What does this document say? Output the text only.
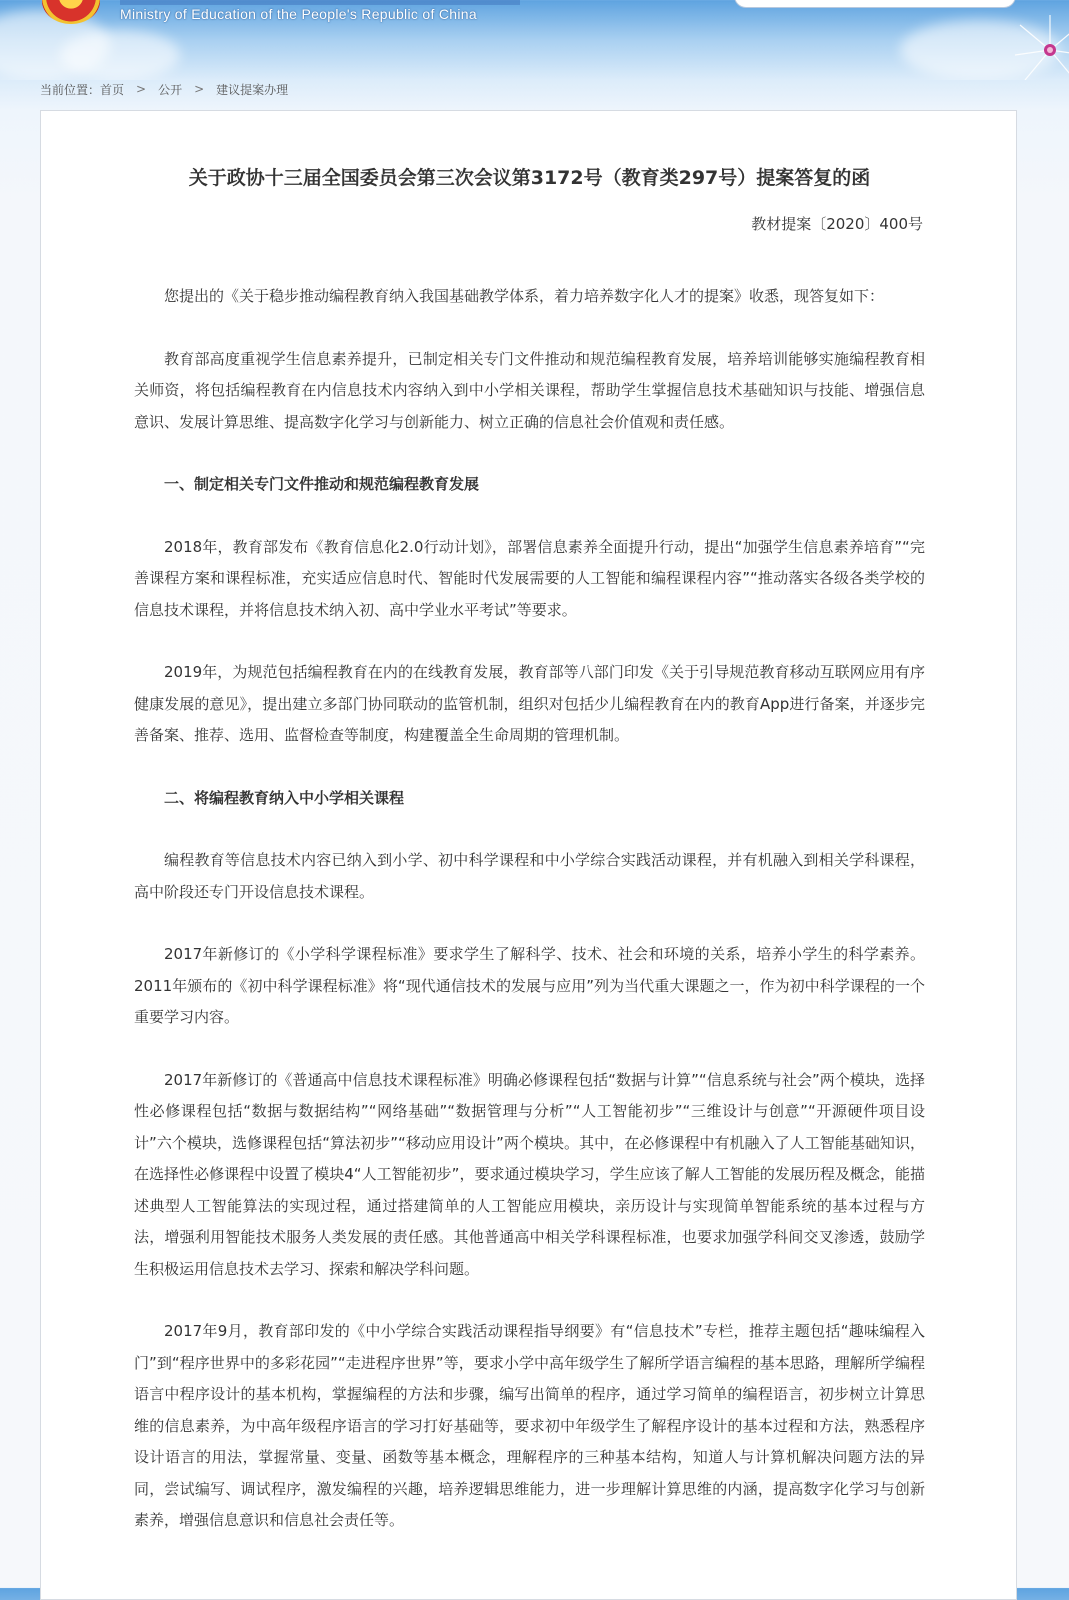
Ministry of Education of the People's Republic of China
当前位置： 首页 > 公开 > 建议提案办理
关于政协十三届全国委员会第三次会议第3172号（教育类297号）提案答复的函
教材提案〔2020〕400号

您提出的《关于稳步推动编程教育纳入我国基础教学体系，着力培养数字化人才的提案》收悉，现答复如下：

教育部高度重视学生信息素养提升，已制定相关专门文件推动和规范编程教育发展，培养培训能够实施编程教育相关师资，将包括编程教育在内信息技术内容纳入到中小学相关课程，帮助学生掌握信息技术基础知识与技能、增强信息意识、发展计算思维、提高数字化学习与创新能力、树立正确的信息社会价值观和责任感。

一、制定相关专门文件推动和规范编程教育发展

2018年，教育部发布《教育信息化2.0行动计划》，部署信息素养全面提升行动，提出“加强学生信息素养培育”“完善课程方案和课程标准，充实适应信息时代、智能时代发展需要的人工智能和编程课程内容”“推动落实各级各类学校的信息技术课程，并将信息技术纳入初、高中学业水平考试”等要求。

2019年，为规范包括编程教育在内的在线教育发展，教育部等八部门印发《关于引导规范教育移动互联网应用有序健康发展的意见》，提出建立多部门协同联动的监管机制，组织对包括少儿编程教育在内的教育App进行备案，并逐步完善备案、推荐、选用、监督检查等制度，构建覆盖全生命周期的管理机制。

二、将编程教育纳入中小学相关课程

编程教育等信息技术内容已纳入到小学、初中科学课程和中小学综合实践活动课程，并有机融入到相关学科课程，高中阶段还专门开设信息技术课程。

2017年新修订的《小学科学课程标准》要求学生了解科学、技术、社会和环境的关系，培养小学生的科学素养。2011年颁布的《初中科学课程标准》将“现代通信技术的发展与应用”列为当代重大课题之一，作为初中科学课程的一个重要学习内容。

2017年新修订的《普通高中信息技术课程标准》明确必修课程包括“数据与计算”“信息系统与社会”两个模块，选择性必修课程包括“数据与数据结构”“网络基础”“数据管理与分析”“人工智能初步”“三维设计与创意”“开源硬件项目设计”六个模块，选修课程包括“算法初步”“移动应用设计”两个模块。其中，在必修课程中有机融入了人工智能基础知识，在选择性必修课程中设置了模块4“人工智能初步”，要求通过模块学习，学生应该了解人工智能的发展历程及概念，能描述典型人工智能算法的实现过程，通过搭建简单的人工智能应用模块，亲历设计与实现简单智能系统的基本过程与方法，增强利用智能技术服务人类发展的责任感。其他普通高中相关学科课程标准，也要求加强学科间交叉渗透，鼓励学生积极运用信息技术去学习、探索和解决学科问题。

2017年9月，教育部印发的《中小学综合实践活动课程指导纲要》有“信息技术”专栏，推荐主题包括“趣味编程入门”到“程序世界中的多彩花园”“走进程序世界”等，要求小学中高年级学生了解所学语言编程的基本思路，理解所学编程语言中程序设计的基本机构，掌握编程的方法和步骤，编写出简单的程序，通过学习简单的编程语言，初步树立计算思维的信息素养，为中高年级程序语言的学习打好基础等，要求初中年级学生了解程序设计的基本过程和方法，熟悉程序设计语言的用法，掌握常量、变量、函数等基本概念，理解程序的三种基本结构，知道人与计算机解决问题方法的异同，尝试编写、调试程序，激发编程的兴趣，培养逻辑思维能力，进一步理解计算思维的内涵，提高数字化学习与创新素养，增强信息意识和信息社会责任等。
